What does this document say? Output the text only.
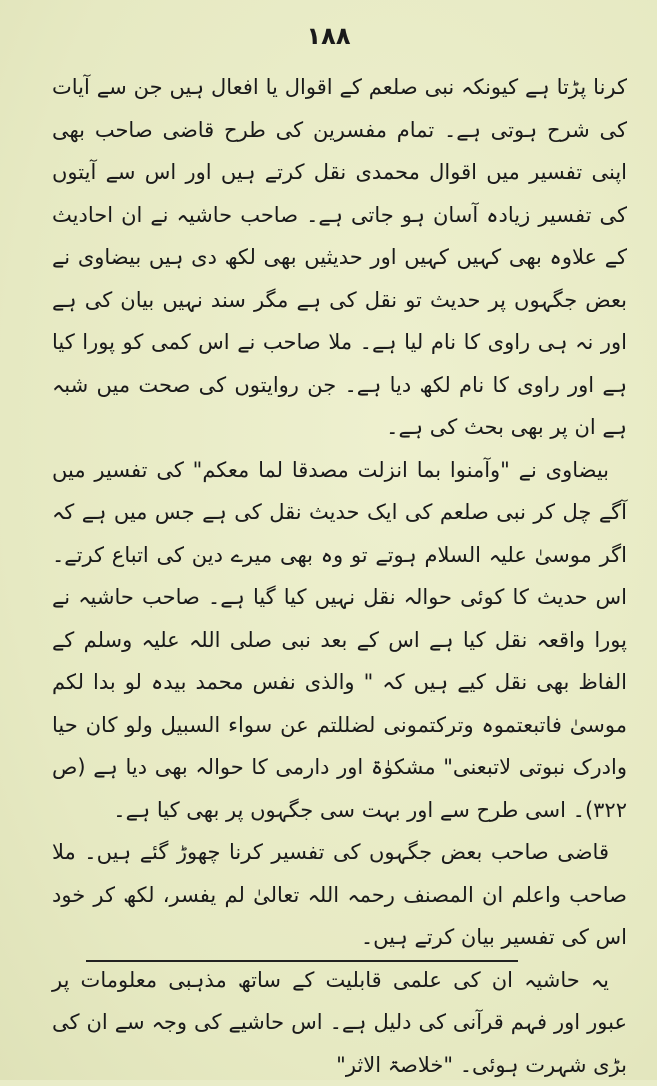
١٨٨

کرنا پڑتا ہے کیونکہ نبی صلعم کے اقوال یا افعال ہیں جن سے آیات کی شرح ہوتی ہے۔ تمام مفسرین کی طرح قاضی صاحب بھی اپنی تفسیر میں اقوال محمدی نقل کرتے ہیں اور اس سے آیتوں کی تفسیر زیادہ آسان ہو جاتی ہے۔ صاحب حاشیہ نے ان احادیث کے علاوہ بھی کہیں کہیں اور حدیثیں بھی لکھ دی ہیں بیضاوی نے بعض جگہوں پر حدیث تو نقل کی ہے مگر سند نہیں بیان کی ہے اور نہ ہی راوی کا نام لیا ہے۔ ملا صاحب نے اس کمی کو پورا کیا ہے اور راوی کا نام لکھ دیا ہے۔ جن روایتوں کی صحت میں شبہ ہے ان پر بھی بحث کی ہے۔

بیضاوی نے "وآمنوا بما انزلت مصدقا لما معکم" کی تفسیر میں آگے چل کر نبی صلعم کی ایک حدیث نقل کی ہے جس میں ہے کہ اگر موسیٰ علیہ السلام ہوتے تو وہ بھی میرے دین کی اتباع کرتے۔ اس حدیث کا کوئی حوالہ نقل نہیں کیا گیا ہے۔ صاحب حاشیہ نے پورا واقعہ نقل کیا ہے اس کے بعد نبی صلی اللہ علیہ وسلم کے الفاظ بھی نقل کیے ہیں کہ " والذی نفس محمد بیدہ لو بدا لکم موسیٰ فاتبعتموہ وترکتمونی لضللتم عن سواء السبیل ولو کان حیا وادرک نبوتی لاتبعنی" مشکوٰۃ اور دارمی کا حوالہ بھی دیا ہے (ص ٣٢٢)۔ اسی طرح سے اور بہت سی جگہوں پر بھی کیا ہے۔

قاضی صاحب بعض جگہوں کی تفسیر کرنا چھوڑ گئے ہیں۔ ملا صاحب واعلم ان المصنف رحمہ اللہ تعالیٰ لم یفسر، لکھ کر خود اس کی تفسیر بیان کرتے ہیں۔

یہ حاشیہ ان کی علمی قابلیت کے ساتھ مذہبی معلومات پر عبور اور فہم قرآنی کی دلیل ہے۔ اس حاشیے کی وجہ سے ان کی بڑی شہرت ہوئی۔ "خلاصۃ الاثر"
